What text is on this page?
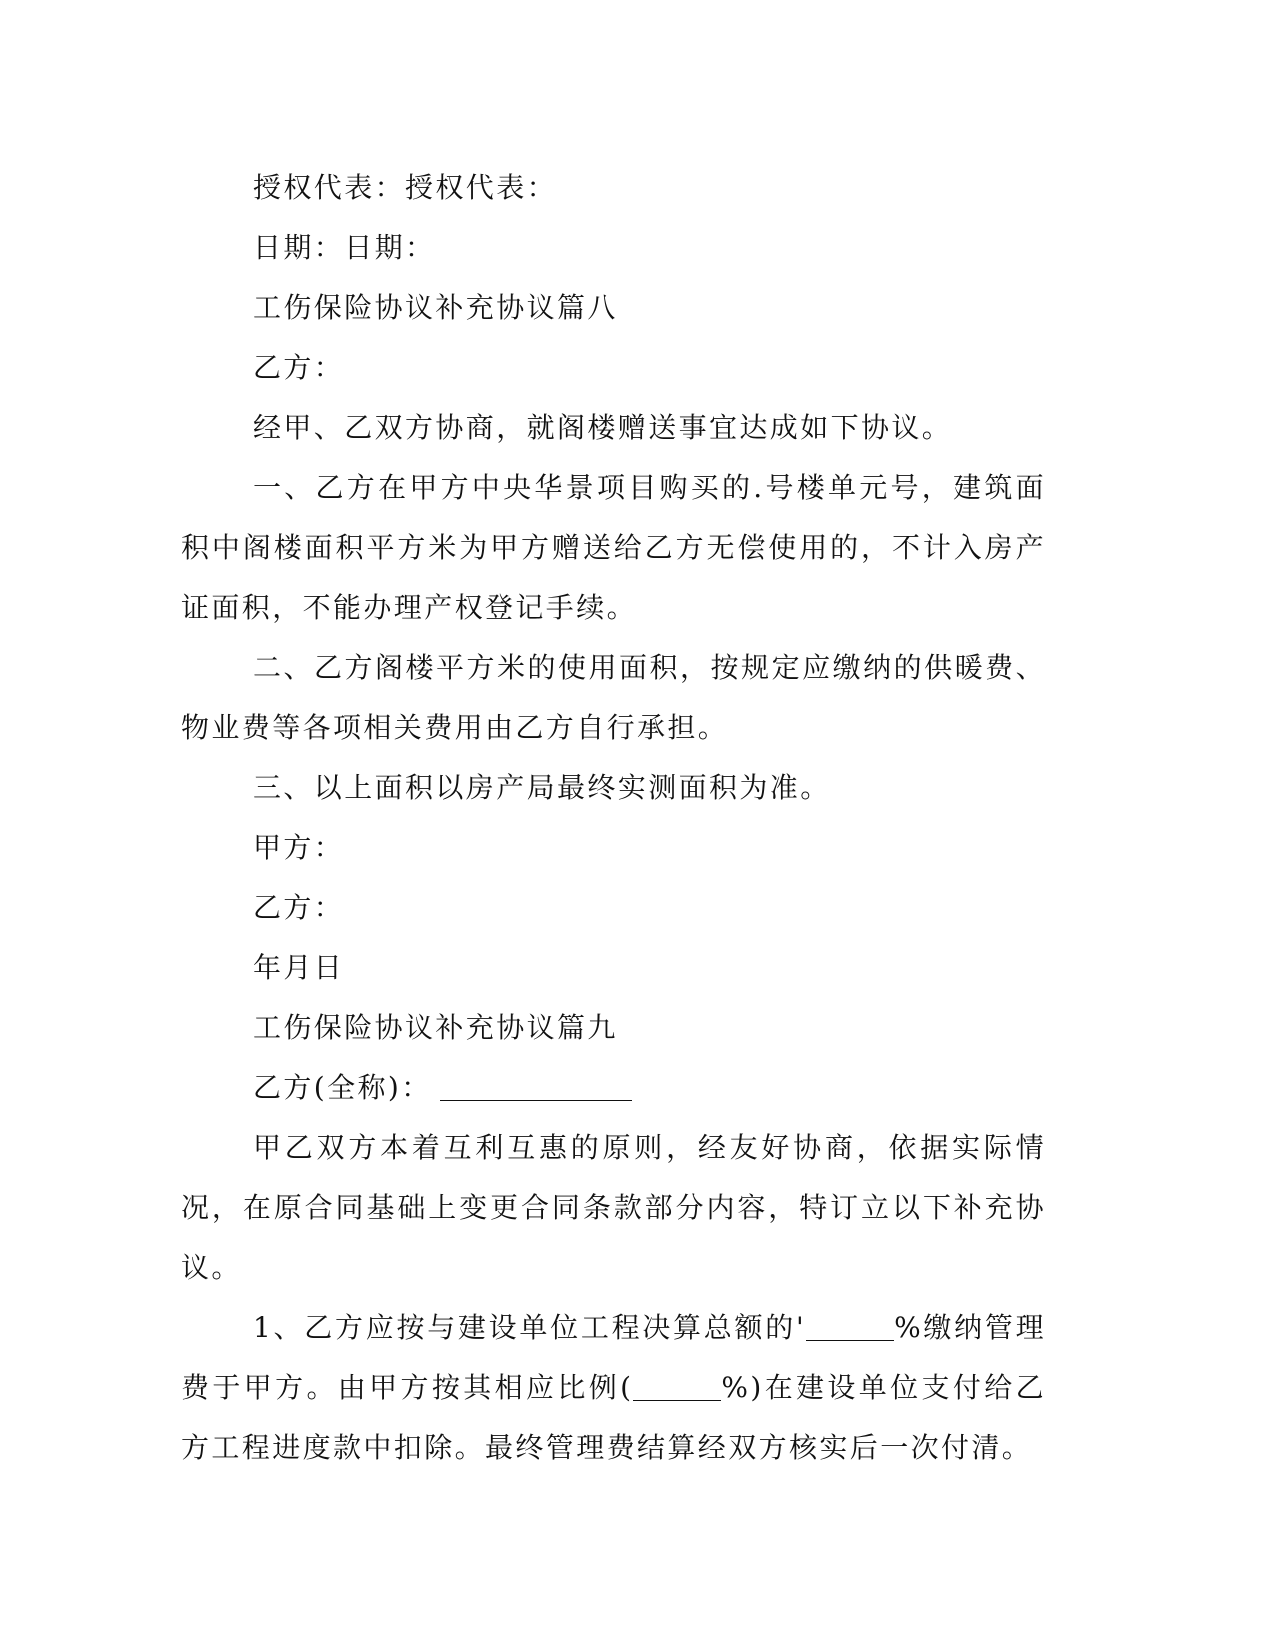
授权代表：授权代表：

日期：日期：

工伤保险协议补充协议篇八

乙方：

经甲、乙双方协商，就阁楼赠送事宜达成如下协议。

一、乙方在甲方中央华景项目购买的.号楼单元号，建筑面积中阁楼面积平方米为甲方赠送给乙方无偿使用的，不计入房产证面积，不能办理产权登记手续。

二、乙方阁楼平方米的使用面积，按规定应缴纳的供暖费、物业费等各项相关费用由乙方自行承担。

三、以上面积以房产局最终实测面积为准。

甲方：

乙方：

年月日

工伤保险协议补充协议篇九

乙方(全称)：

甲乙双方本着互利互惠的原则，经友好协商，依据实际情况，在原合同基础上变更合同条款部分内容，特订立以下补充协议。

1、乙方应按与建设单位工程决算总额的'	%缴纳管理费于甲方。由甲方按其相应比例(	%)在建设单位支付给乙方工程进度款中扣除。最终管理费结算经双方核实后一次付清。
